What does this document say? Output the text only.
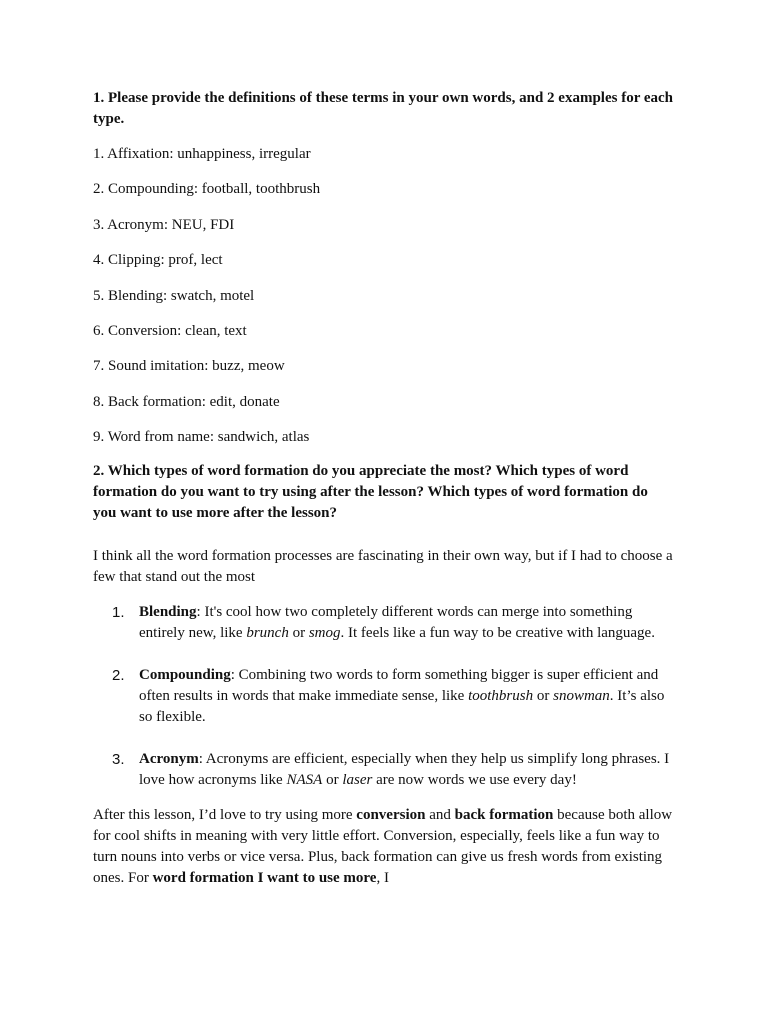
1. Please provide the definitions of these terms in your own words, and 2 examples for each type.

1. Affixation: unhappiness, irregular
2. Compounding: football, toothbrush
3. Acronym: NEU, FDI
4. Clipping: prof, lect
5. Blending: swatch, motel
6. Conversion: clean, text
7. Sound imitation: buzz, meow
8. Back formation: edit, donate
9. Word from name: sandwich, atlas

2. Which types of word formation do you appreciate the most? Which types of word formation do you want to try using after the lesson? Which types of word formation do you want to use more after the lesson?

I think all the word formation processes are fascinating in their own way, but if I had to choose a few that stand out the most

1. Blending: It's cool how two completely different words can merge into something entirely new, like brunch or smog. It feels like a fun way to be creative with language.
2. Compounding: Combining two words to form something bigger is super efficient and often results in words that make immediate sense, like toothbrush or snowman. It’s also so flexible.
3. Acronym: Acronyms are efficient, especially when they help us simplify long phrases. I love how acronyms like NASA or laser are now words we use every day!

After this lesson, I’d love to try using more conversion and back formation because both allow for cool shifts in meaning with very little effort. Conversion, especially, feels like a fun way to turn nouns into verbs or vice versa. Plus, back formation can give us fresh words from existing ones. For word formation I want to use more, I
